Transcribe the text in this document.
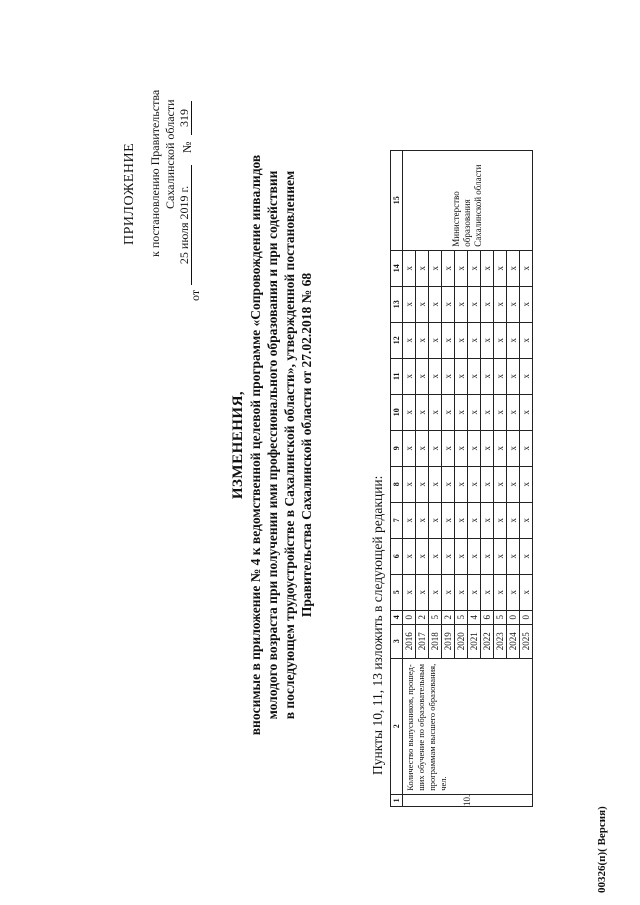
ПРИЛОЖЕНИЕ к постановлению Правительства Сахалинской области
от
25 июля 2019 г.
№
319
ИЗМЕНЕНИЯ, вносимые в приложение № 4 к ведомственной целевой программе «Сопровождение инвалидов молодого возраста при получении ими профессионального образования и при содействии в последующем трудоустройстве в Сахалинской области», утвержденной постановлением Правительства Сахалинской области от 27.02.2018 № 68
Пункты 10, 11, 13 изложить в следующей редакции:
1	2	3	4	5	6	7	8	9	10	11	12	13	14	15
10.	Количество выпускников, прошедших обучение по образовательным программам высшего образования, чел.	2016	0	x	x	x	x	x	x	x	x	x	x	Министерство образования Сахалинской области
		2017	2	x	x	x	x	x	x	x	x	x	x	
		2018	5	x	x	x	x	x	x	x	x	x	x	
		2019	2	x	x	x	x	x	x	x	x	x	x	
		2020	5	x	x	x	x	x	x	x	x	x	x	
		2021	4	x	x	x	x	x	x	x	x	x	x	
		2022	6	x	x	x	x	x	x	x	x	x	x	
		2023	5	x	x	x	x	x	x	x	x	x	x	
		2024	0	x	x	x	x	x	x	x	x	x	x	
		2025	0	x	x	x	x	x	x	x	x	x	x	
00326(п)( Версия)
